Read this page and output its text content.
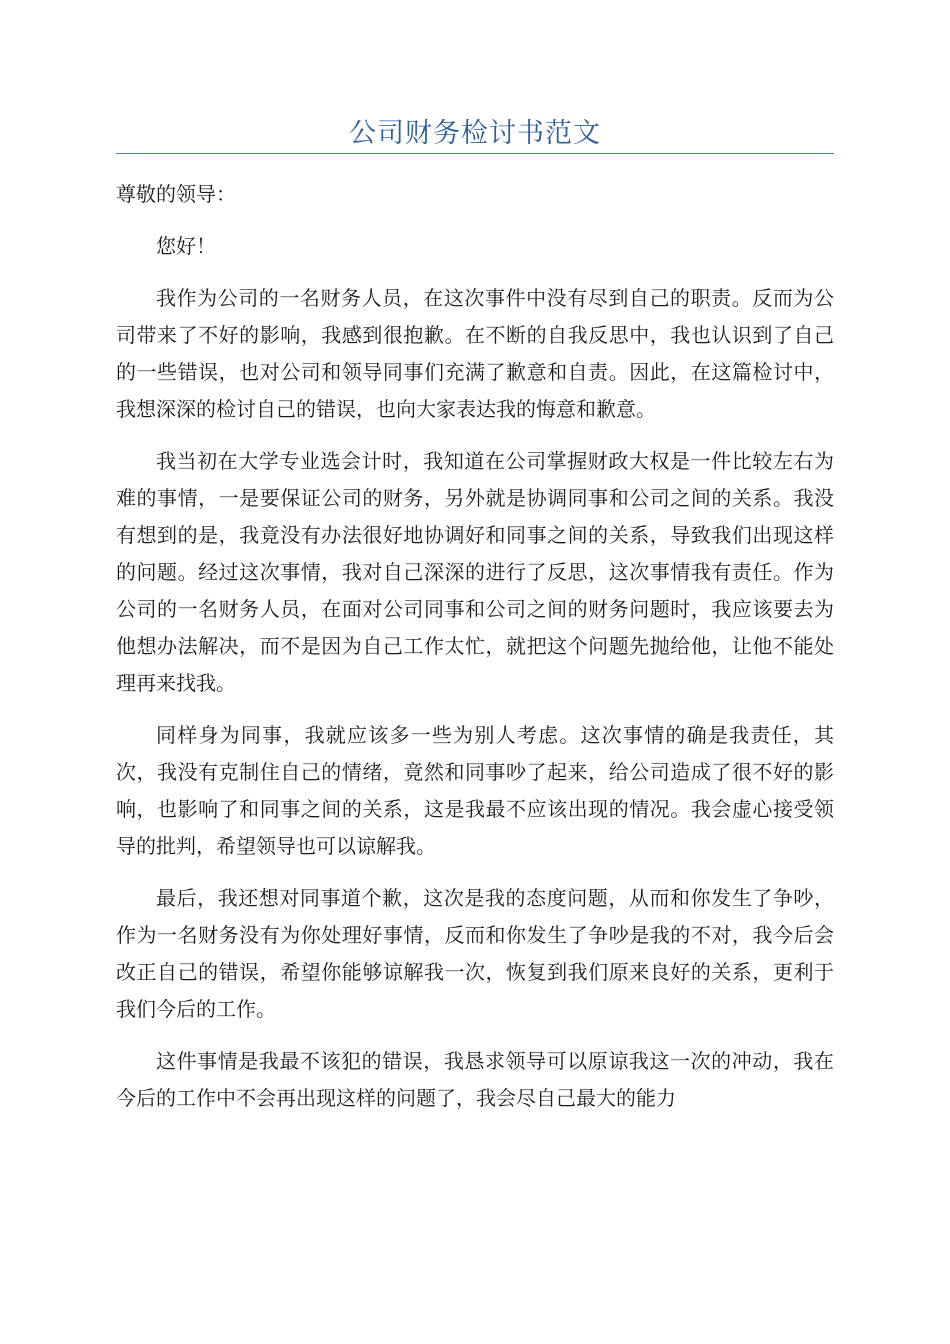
公司财务检讨书范文

尊敬的领导：

您好！

我作为公司的一名财务人员，在这次事件中没有尽到自己的职责。反而为公司带来了不好的影响，我感到很抱歉。在不断的自我反思中，我也认识到了自己的一些错误，也对公司和领导同事们充满了歉意和自责。因此，在这篇检讨中，我想深深的检讨自己的错误，也向大家表达我的悔意和歉意。

我当初在大学专业选会计时，我知道在公司掌握财政大权是一件比较左右为难的事情，一是要保证公司的财务，另外就是协调同事和公司之间的关系。我没有想到的是，我竟没有办法很好地协调好和同事之间的关系，导致我们出现这样的问题。经过这次事情，我对自己深深的进行了反思，这次事情我有责任。作为公司的一名财务人员，在面对公司同事和公司之间的财务问题时，我应该要去为他想办法解决，而不是因为自己工作太忙，就把这个问题先抛给他，让他不能处理再来找我。

同样身为同事，我就应该多一些为别人考虑。这次事情的确是我责任，其次，我没有克制住自己的情绪，竟然和同事吵了起来，给公司造成了很不好的影响，也影响了和同事之间的关系，这是我最不应该出现的情况。我会虚心接受领导的批判，希望领导也可以谅解我。

最后，我还想对同事道个歉，这次是我的态度问题，从而和你发生了争吵，作为一名财务没有为你处理好事情，反而和你发生了争吵是我的不对，我今后会改正自己的错误，希望你能够谅解我一次，恢复到我们原来良好的关系，更利于我们今后的工作。

这件事情是我最不该犯的错误，我恳求领导可以原谅我这一次的冲动，我在今后的工作中不会再出现这样的问题了，我会尽自己最大的能力
